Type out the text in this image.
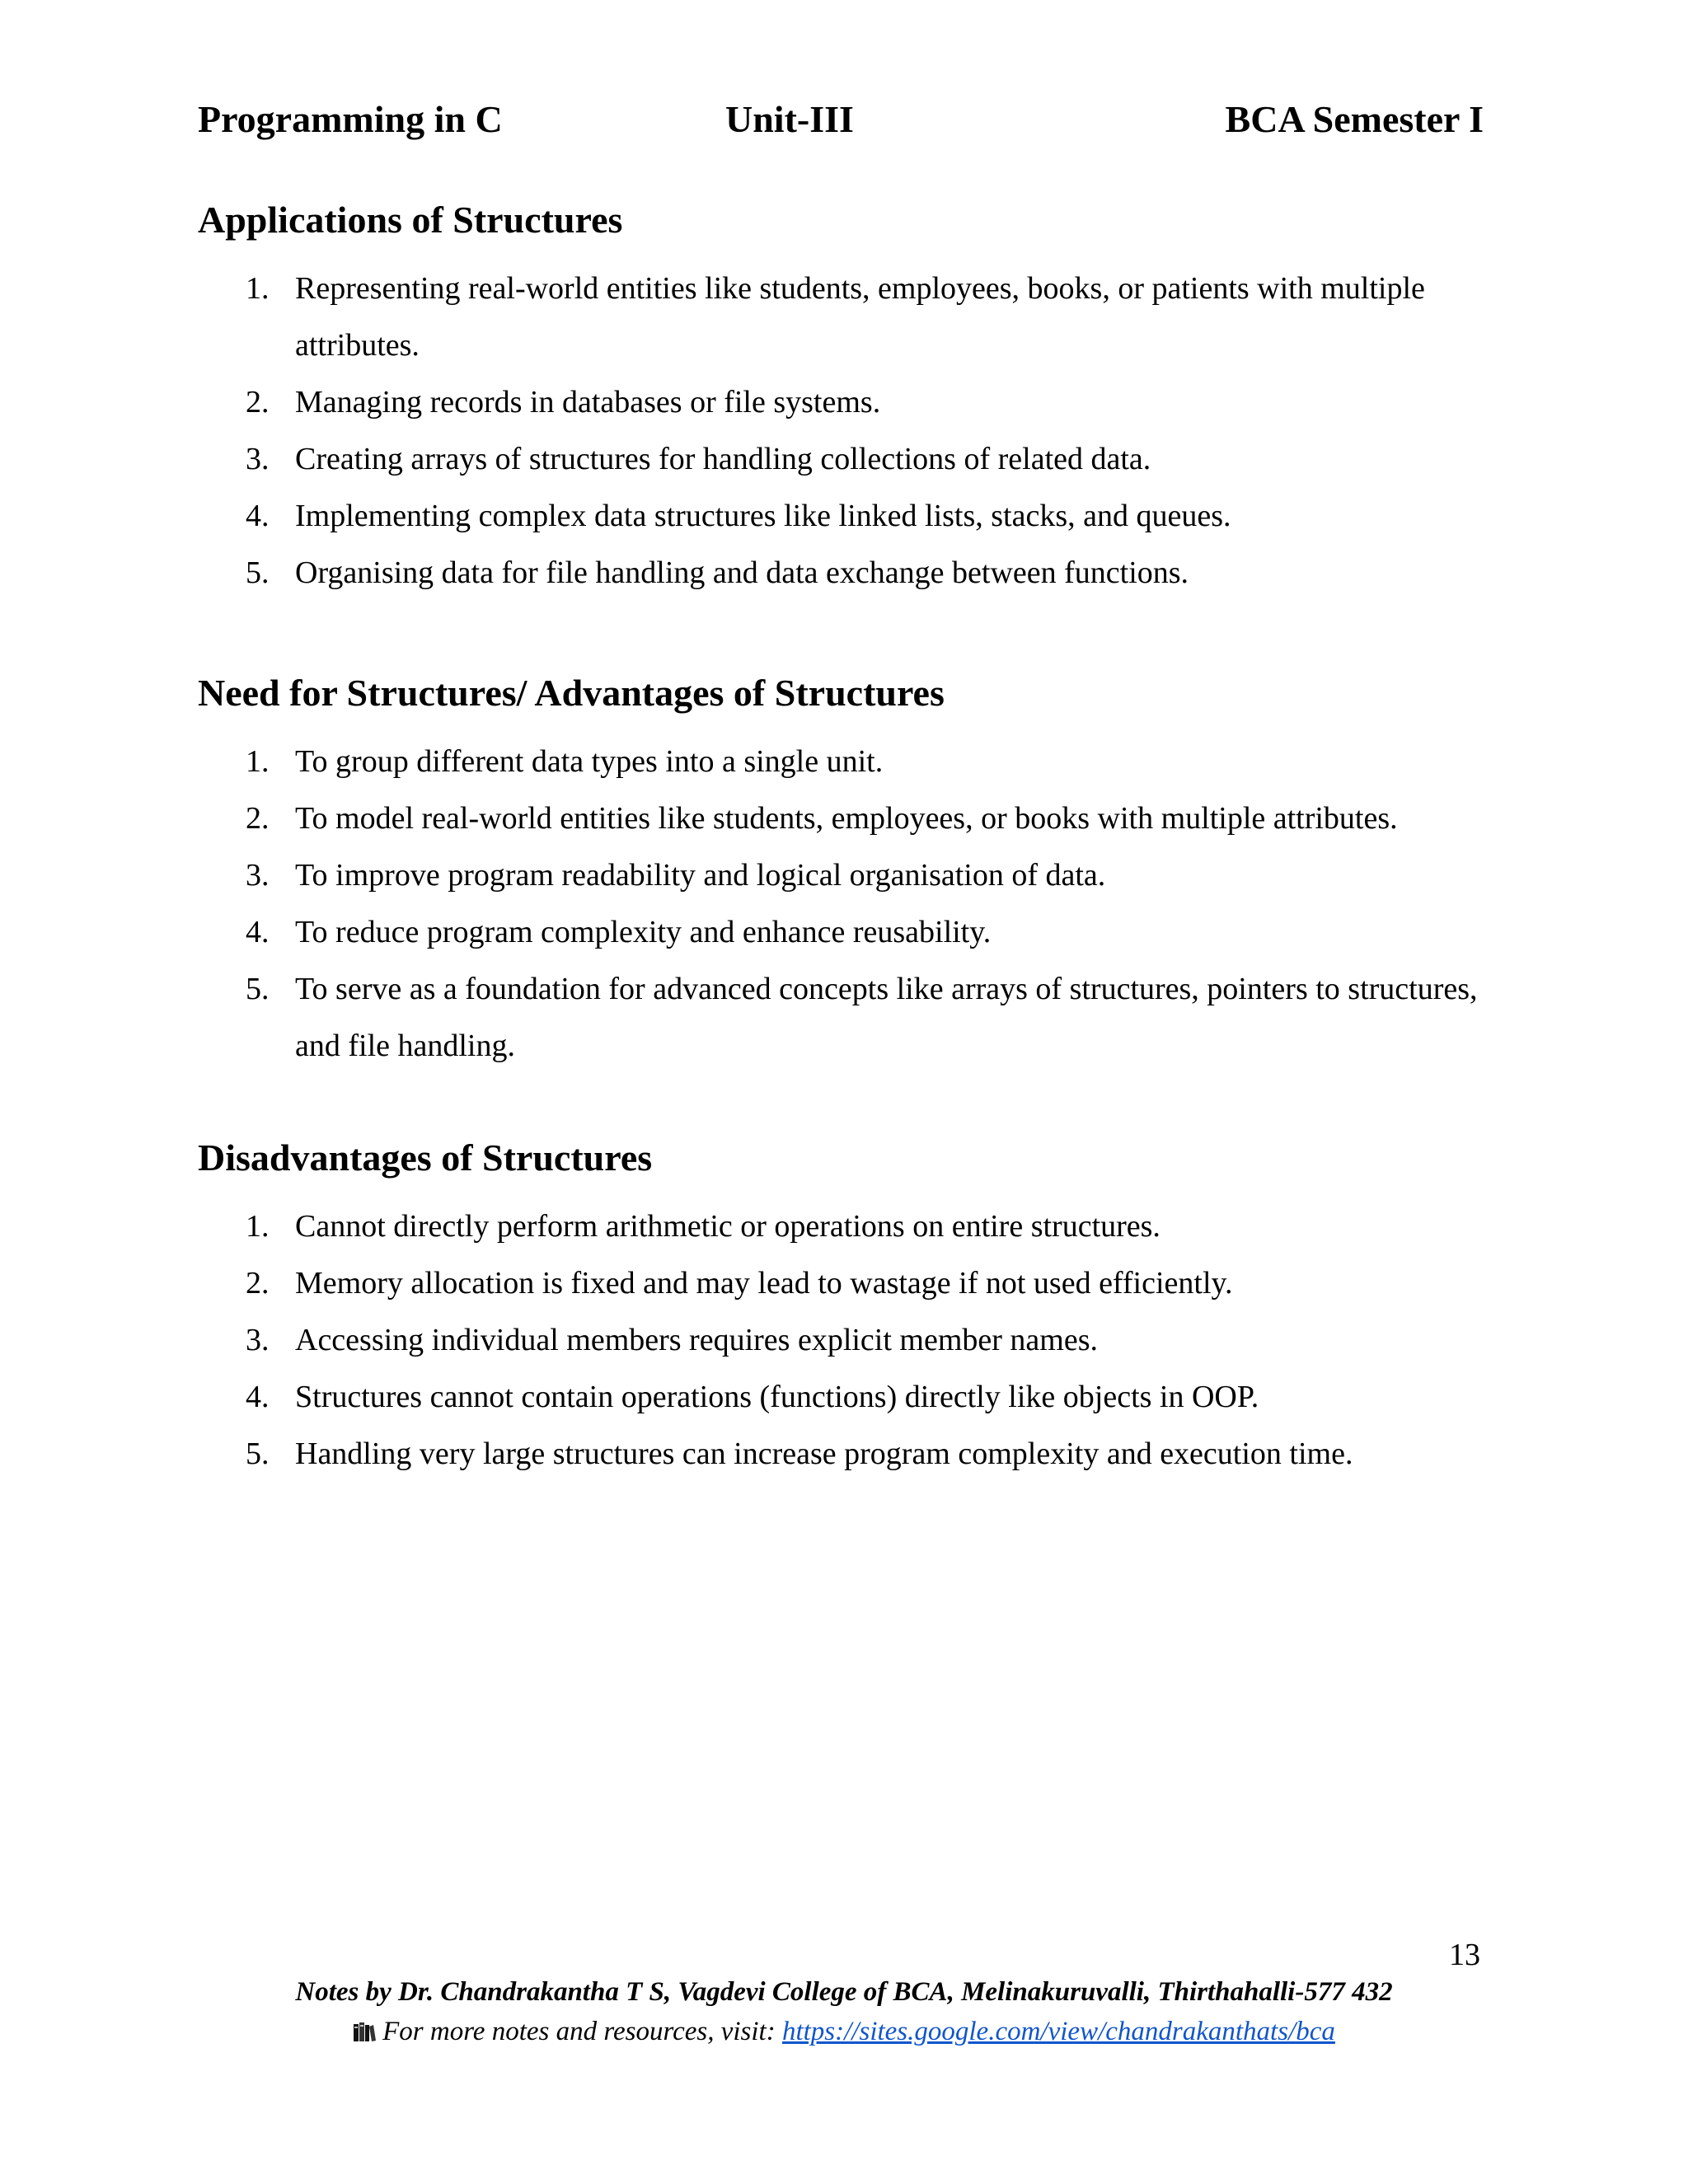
Programming in C	Unit-III	BCA Semester I
Applications of Structures
1. Representing real-world entities like students, employees, books, or patients with multiple attributes.
2. Managing records in databases or file systems.
3. Creating arrays of structures for handling collections of related data.
4. Implementing complex data structures like linked lists, stacks, and queues.
5. Organising data for file handling and data exchange between functions.
Need for Structures/ Advantages of Structures
1. To group different data types into a single unit.
2. To model real-world entities like students, employees, or books with multiple attributes.
3. To improve program readability and logical organisation of data.
4. To reduce program complexity and enhance reusability.
5. To serve as a foundation for advanced concepts like arrays of structures, pointers to structures, and file handling.
Disadvantages of Structures
1. Cannot directly perform arithmetic or operations on entire structures.
2. Memory allocation is fixed and may lead to wastage if not used efficiently.
3. Accessing individual members requires explicit member names.
4. Structures cannot contain operations (functions) directly like objects in OOP.
5. Handling very large structures can increase program complexity and execution time.
13
Notes by Dr. Chandrakantha T S, Vagdevi College of BCA, Melinakuruvalli, Thirthahalli-577 432
For more notes and resources, visit: https://sites.google.com/view/chandrakanthats/bca
